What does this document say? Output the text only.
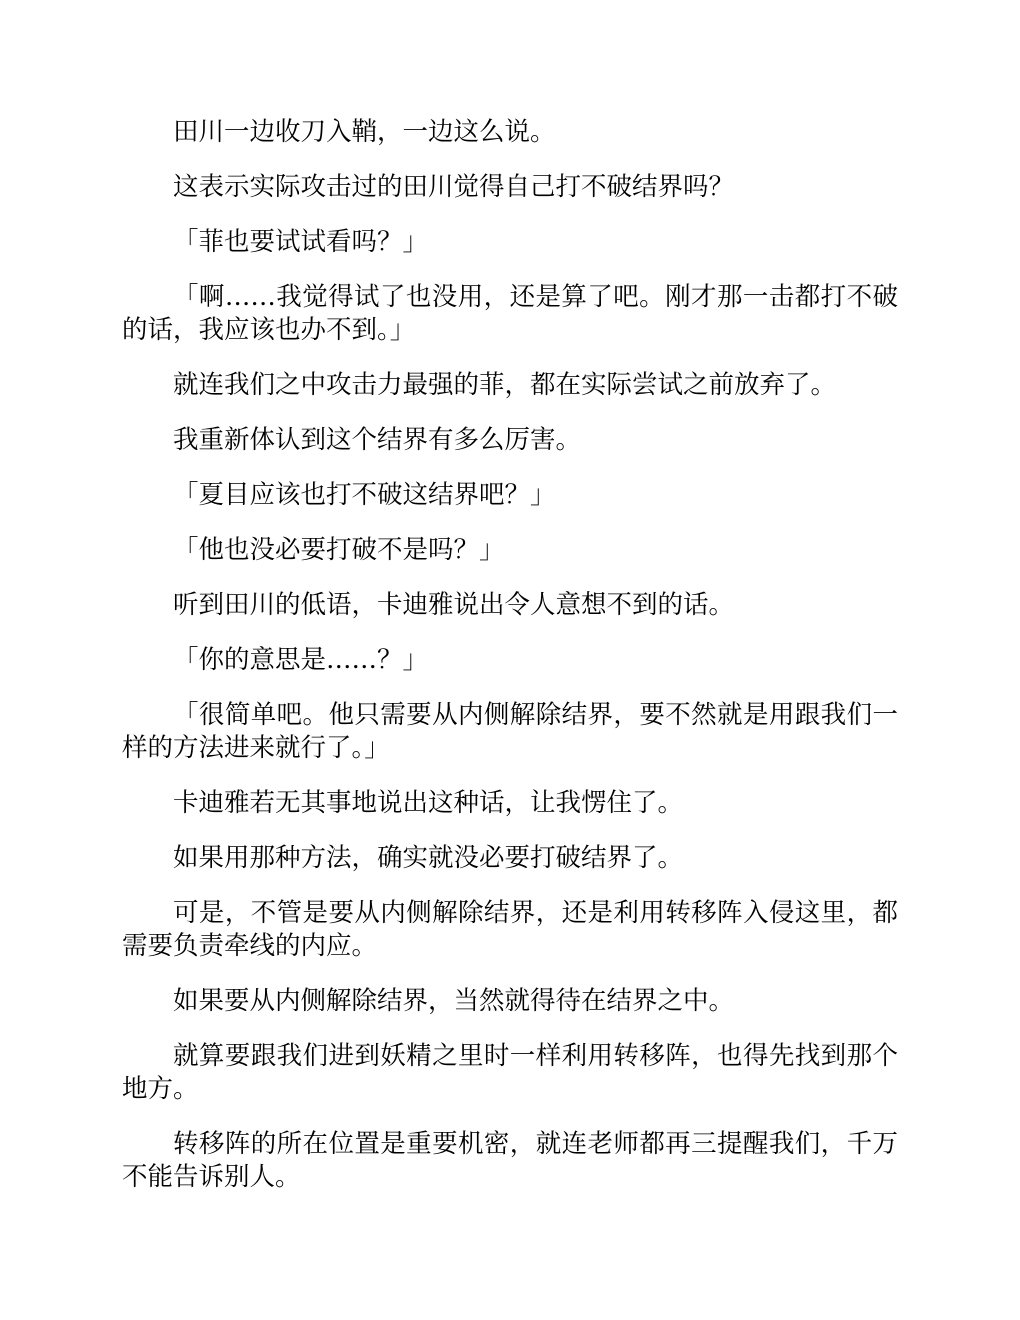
田川一边收刀入鞘，一边这么说。

这表示实际攻击过的田川觉得自己打不破结界吗？

「菲也要试试看吗？」

「啊……我觉得试了也没用，还是算了吧。刚才那一击都打不破的话，我应该也办不到。」

就连我们之中攻击力最强的菲，都在实际尝试之前放弃了。

我重新体认到这个结界有多么厉害。

「夏目应该也打不破这结界吧？」

「他也没必要打破不是吗？」

听到田川的低语，卡迪雅说出令人意想不到的话。

「你的意思是……？」

「很简单吧。他只需要从内侧解除结界，要不然就是用跟我们一样的方法进来就行了。」

卡迪雅若无其事地说出这种话，让我愣住了。

如果用那种方法，确实就没必要打破结界了。

可是，不管是要从内侧解除结界，还是利用转移阵入侵这里，都需要负责牵线的内应。

如果要从内侧解除结界，当然就得待在结界之中。

就算要跟我们进到妖精之里时一样利用转移阵，也得先找到那个地方。

转移阵的所在位置是重要机密，就连老师都再三提醒我们，千万不能告诉别人。
